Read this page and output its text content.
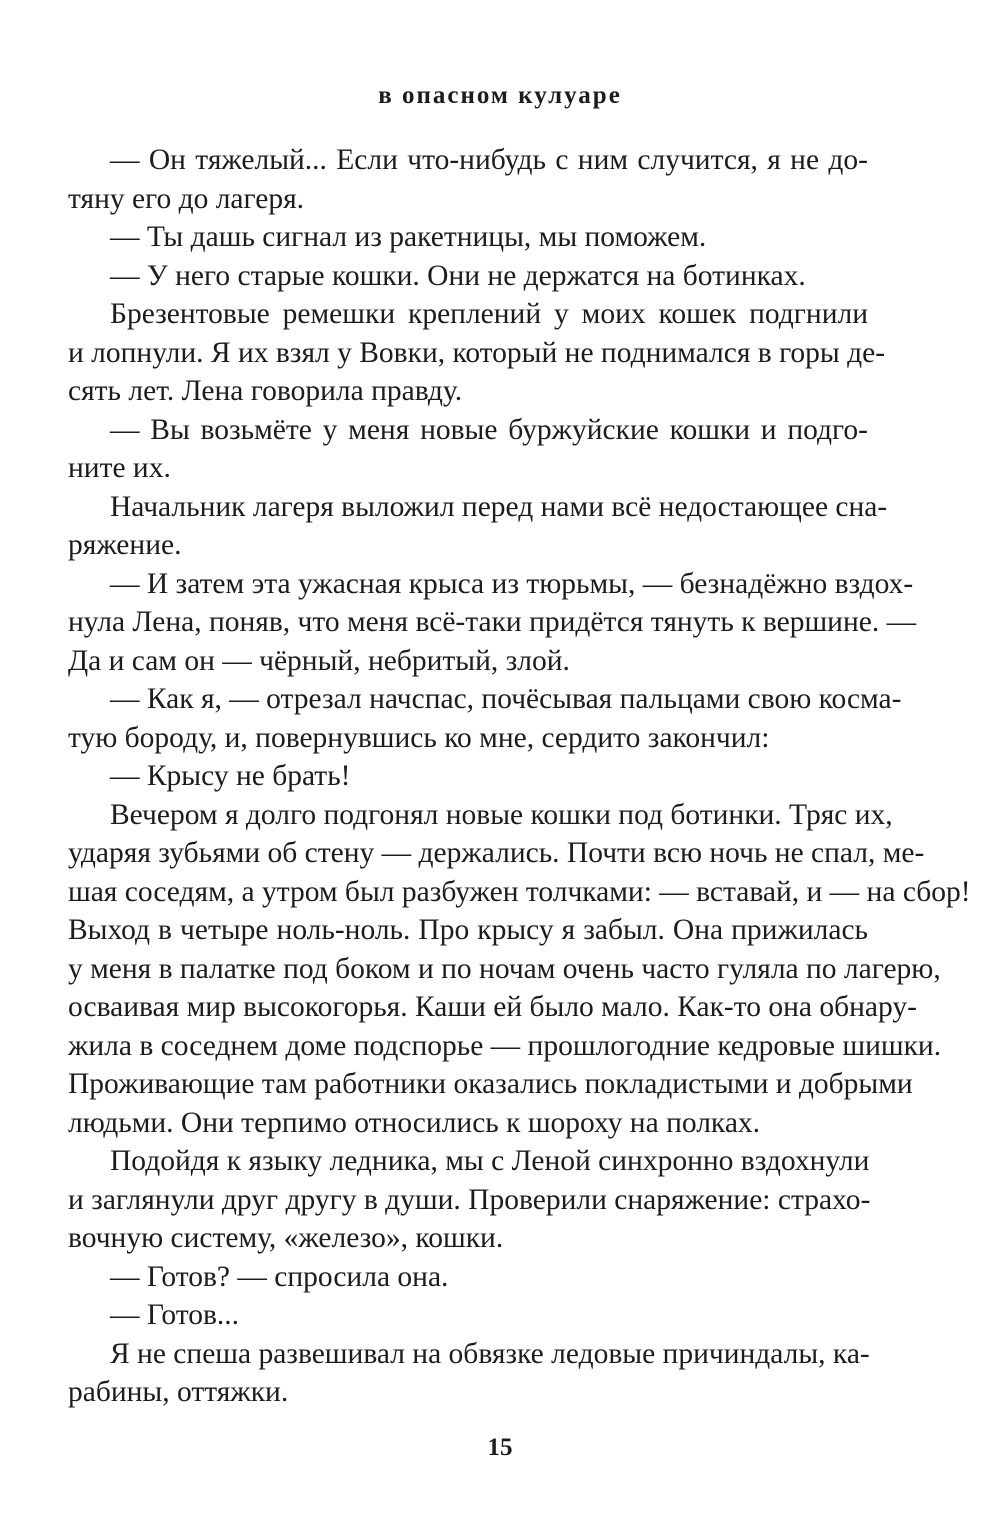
в опасном кулуаре
— Он тяжелый... Если что-нибудь с ним случится, я не до-
тяну его до лагеря.
— Ты дашь сигнал из ракетницы, мы поможем.
— У него старые кошки. Они не держатся на ботинках.
Брезентовые ремешки креплений у моих кошек подгнили
и лопнули. Я их взял у Вовки, который не поднимался в горы де-
сять лет. Лена говорила правду.
— Вы возьмёте у меня новые буржуйские кошки и подго-
ните их.
Начальник лагеря выложил перед нами всё недостающее сна-
ряжение.
— И затем эта ужасная крыса из тюрьмы, — безнадёжно вздох-
нула Лена, поняв, что меня всё-таки придётся тянуть к вершине. —
Да и сам он — чёрный, небритый, злой.
— Как я, — отрезал начспас, почёсывая пальцами свою косма-
тую бороду, и, повернувшись ко мне, сердито закончил:
— Крысу не брать!
Вечером я долго подгонял новые кошки под ботинки. Тряс их,
ударяя зубьями об стену — держались. Почти всю ночь не спал, ме-
шая соседям, а утром был разбужен толчками: — вставай, и — на сбор!
Выход в четыре ноль-ноль. Про крысу я забыл. Она прижилась
у меня в палатке под боком и по ночам очень часто гуляла по лагерю,
осваивая мир высокогорья. Каши ей было мало. Как-то она обнару-
жила в соседнем доме подспорье — прошлогодние кедровые шишки.
Проживающие там работники оказались покладистыми и добрыми
людьми. Они терпимо относились к шороху на полках.
Подойдя к языку ледника, мы с Леной синхронно вздохнули
и заглянули друг другу в души. Проверили снаряжение: страхо-
вочную систему, «железо», кошки.
— Готов? — спросила она.
— Готов...
Я не спеша развешивал на обвязке ледовые причиндалы, ка-
рабины, оттяжки.
15
